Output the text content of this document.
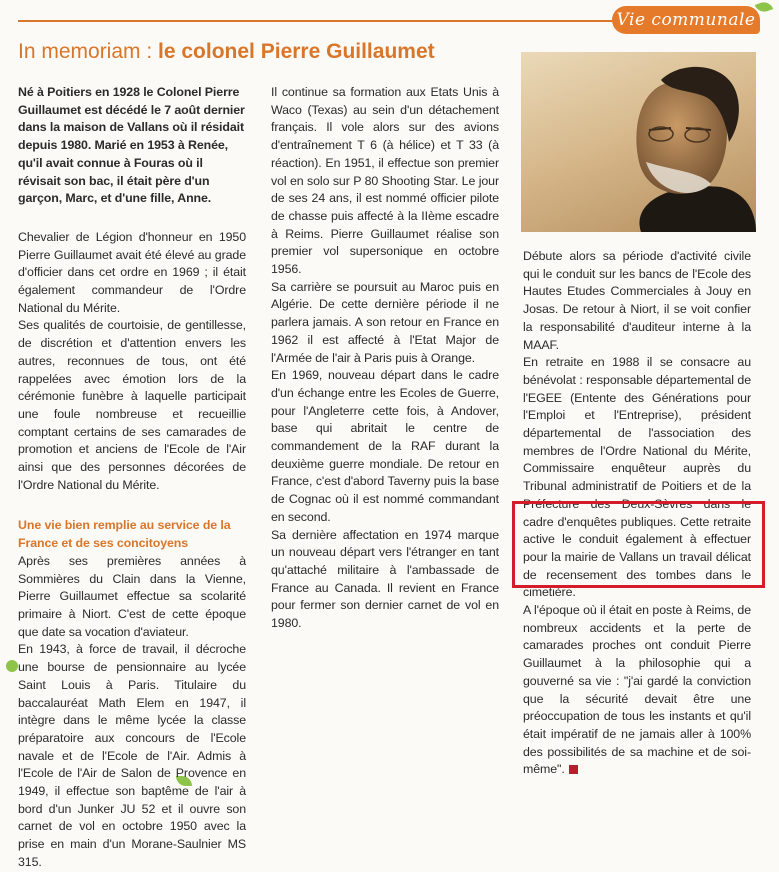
Vie communale
In memoriam : le colonel Pierre Guillaumet

Né à Poitiers en 1928 le Colonel Pierre Guillaumet est décédé le 7 août dernier dans la maison de Vallans où il résidait depuis 1980. Marié en 1953 à Renée, qu'il avait connue à Fouras où il révisait son bac, il était père d'un garçon, Marc, et d'une fille, Anne.

Chevalier de Légion d'honneur en 1950 Pierre Guillaumet avait été élevé au grade d'officier dans cet ordre en 1969 ; il était également commandeur de l'Ordre National du Mérite.

Ses qualités de courtoisie, de gentillesse, de discrétion et d'attention envers les autres, reconnues de tous, ont été rappelées avec émotion lors de la cérémonie funèbre à laquelle participait une foule nombreuse et recueillie comptant certains de ses camarades de promotion et anciens de l'Ecole de l'Air ainsi que des personnes décorées de l'Ordre National du Mérite.

Une vie bien remplie au service de la France et de ses concitoyens

Après ses premières années à Sommières du Clain dans la Vienne, Pierre Guillaumet effectue sa scolarité primaire à Niort. C'est de cette époque que date sa vocation d'aviateur.

En 1943, à force de travail, il décroche une bourse de pensionnaire au lycée Saint Louis à Paris. Titulaire du baccalauréat Math Elem en 1947, il intègre dans le même lycée la classe préparatoire aux concours de l'Ecole navale et de l'Ecole de l'Air. Admis à l'Ecole de l'Air de Salon de Provence en 1949, il effectue son baptême de l'air à bord d'un Junker JU 52 et il ouvre son carnet de vol en octobre 1950 avec la prise en main d'un Morane-Saulnier MS 315.

Il continue sa formation aux Etats Unis à Waco (Texas) au sein d'un détachement français. Il vole alors sur des avions d'entraînement T 6 (à hélice) et T 33 (à réaction). En 1951, il effectue son premier vol en solo sur P 80 Shooting Star. Le jour de ses 24 ans, il est nommé officier pilote de chasse puis affecté à la IIème escadre à Reims. Pierre Guillaumet réalise son premier vol supersonique en octobre 1956.

Sa carrière se poursuit au Maroc puis en Algérie. De cette dernière période il ne parlera jamais. A son retour en France en 1962 il est affecté à l'Etat Major de l'Armée de l'air à Paris puis à Orange.

En 1969, nouveau départ dans le cadre d'un échange entre les Ecoles de Guerre, pour l'Angleterre cette fois, à Andover, base qui abritait le centre de commandement de la RAF durant la deuxième guerre mondiale. De retour en France, c'est d'abord Taverny puis la base de Cognac où il est nommé commandant en second.

Sa dernière affectation en 1974 marque un nouveau départ vers l'étranger en tant qu'attaché militaire à l'ambassade de France au Canada. Il revient en France pour fermer son dernier carnet de vol en 1980.

Débute alors sa période d'activité civile qui le conduit sur les bancs de l'Ecole des Hautes Etudes Commerciales à Jouy en Josas. De retour à Niort, il se voit confier la responsabilité d'auditeur interne à la MAAF.

En retraite en 1988 il se consacre au bénévolat : responsable départemental de l'EGEE (Entente des Générations pour l'Emploi et l'Entreprise), président départemental de l'association des membres de l'Ordre National du Mérite, Commissaire enquêteur auprès du Tribunal administratif de Poitiers et de la Préfecture des Deux-Sèvres dans le cadre d'enquêtes publiques. Cette retraite active le conduit également à effectuer pour la mairie de Vallans un travail délicat de recensement des tombes dans le cimetière.

A l'époque où il était en poste à Reims, de nombreux accidents et la perte de camarades proches ont conduit Pierre Guillaumet à la philosophie qui a gouverné sa vie : "j'ai gardé la conviction que la sécurité devait être une préoccupation de tous les instants et qu'il était impératif de ne jamais aller à 100% des possibilités de sa machine et de soi-même".
